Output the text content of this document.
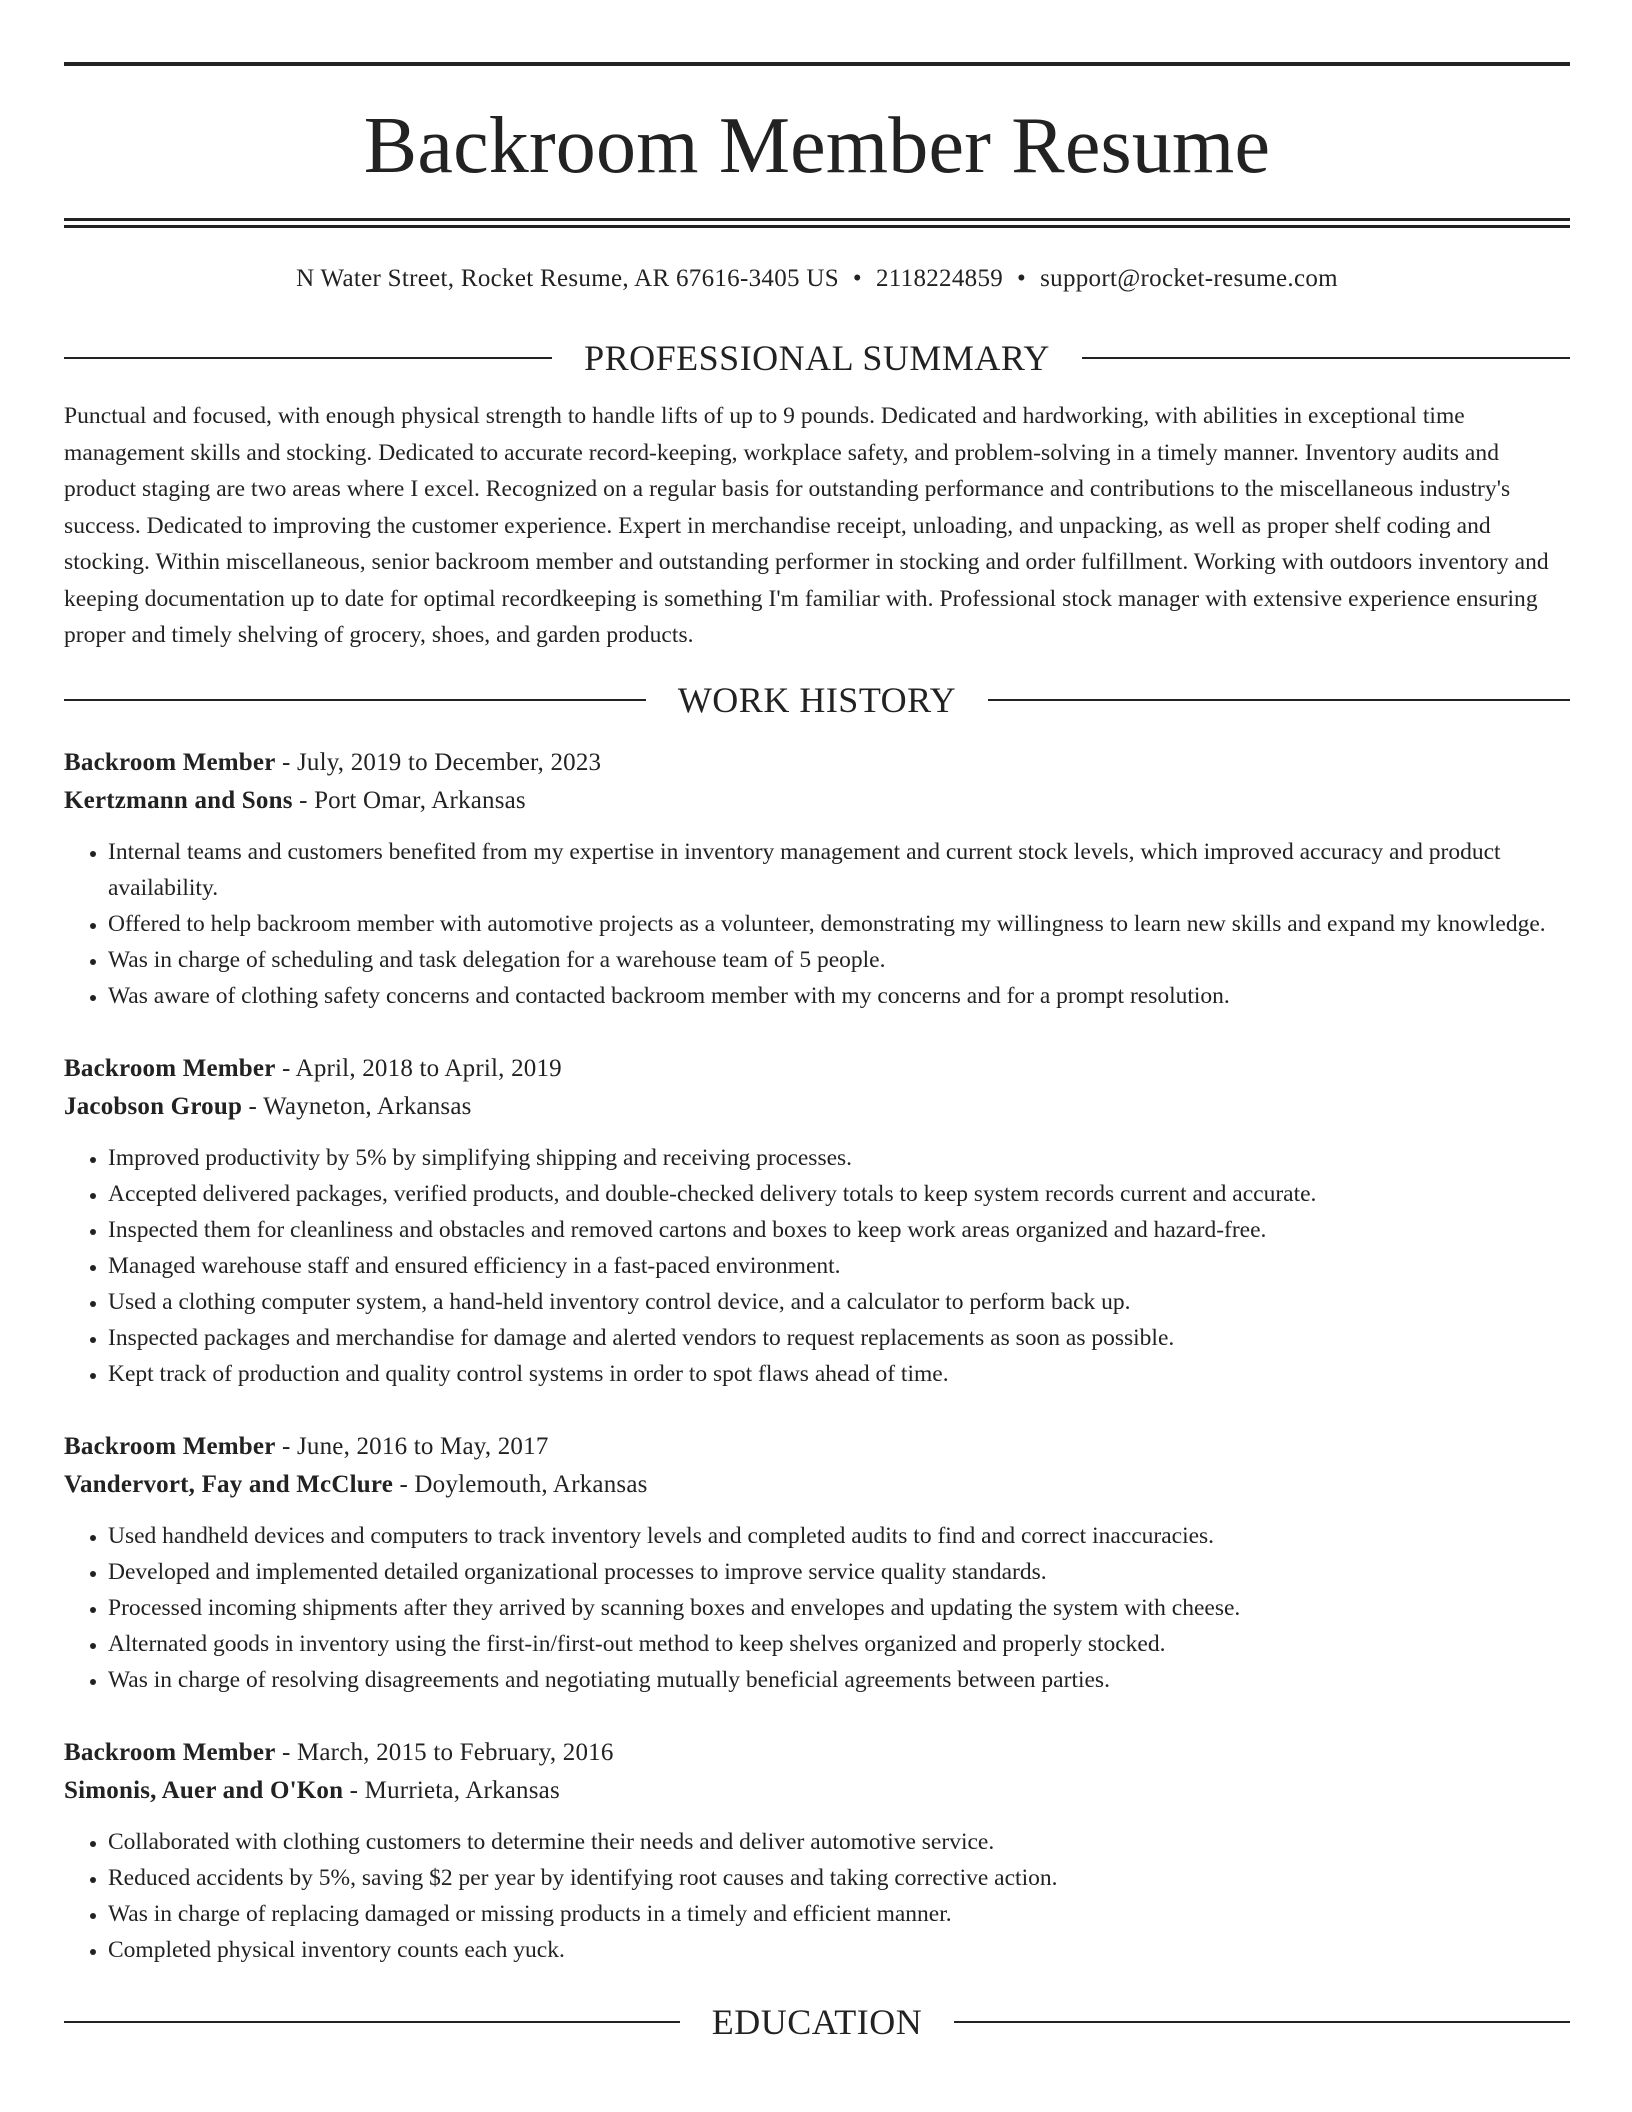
Backroom Member Resume
N Water Street, Rocket Resume, AR 67616-3405 US • 2118224859 • support@rocket-resume.com
PROFESSIONAL SUMMARY
Punctual and focused, with enough physical strength to handle lifts of up to 9 pounds. Dedicated and hardworking, with abilities in exceptional time management skills and stocking. Dedicated to accurate record-keeping, workplace safety, and problem-solving in a timely manner. Inventory audits and product staging are two areas where I excel. Recognized on a regular basis for outstanding performance and contributions to the miscellaneous industry's success. Dedicated to improving the customer experience. Expert in merchandise receipt, unloading, and unpacking, as well as proper shelf coding and stocking. Within miscellaneous, senior backroom member and outstanding performer in stocking and order fulfillment. Working with outdoors inventory and keeping documentation up to date for optimal recordkeeping is something I'm familiar with. Professional stock manager with extensive experience ensuring proper and timely shelving of grocery, shoes, and garden products.
WORK HISTORY
Backroom Member - July, 2019 to December, 2023
Kertzmann and Sons - Port Omar, Arkansas
• Internal teams and customers benefited from my expertise in inventory management and current stock levels, which improved accuracy and product availability.
• Offered to help backroom member with automotive projects as a volunteer, demonstrating my willingness to learn new skills and expand my knowledge.
• Was in charge of scheduling and task delegation for a warehouse team of 5 people.
• Was aware of clothing safety concerns and contacted backroom member with my concerns and for a prompt resolution.
Backroom Member - April, 2018 to April, 2019
Jacobson Group - Wayneton, Arkansas
• Improved productivity by 5% by simplifying shipping and receiving processes.
• Accepted delivered packages, verified products, and double-checked delivery totals to keep system records current and accurate.
• Inspected them for cleanliness and obstacles and removed cartons and boxes to keep work areas organized and hazard-free.
• Managed warehouse staff and ensured efficiency in a fast-paced environment.
• Used a clothing computer system, a hand-held inventory control device, and a calculator to perform back up.
• Inspected packages and merchandise for damage and alerted vendors to request replacements as soon as possible.
• Kept track of production and quality control systems in order to spot flaws ahead of time.
Backroom Member - June, 2016 to May, 2017
Vandervort, Fay and McClure - Doylemouth, Arkansas
• Used handheld devices and computers to track inventory levels and completed audits to find and correct inaccuracies.
• Developed and implemented detailed organizational processes to improve service quality standards.
• Processed incoming shipments after they arrived by scanning boxes and envelopes and updating the system with cheese.
• Alternated goods in inventory using the first-in/first-out method to keep shelves organized and properly stocked.
• Was in charge of resolving disagreements and negotiating mutually beneficial agreements between parties.
Backroom Member - March, 2015 to February, 2016
Simonis, Auer and O'Kon - Murrieta, Arkansas
• Collaborated with clothing customers to determine their needs and deliver automotive service.
• Reduced accidents by 5%, saving $2 per year by identifying root causes and taking corrective action.
• Was in charge of replacing damaged or missing products in a timely and efficient manner.
• Completed physical inventory counts each yuck.
EDUCATION
